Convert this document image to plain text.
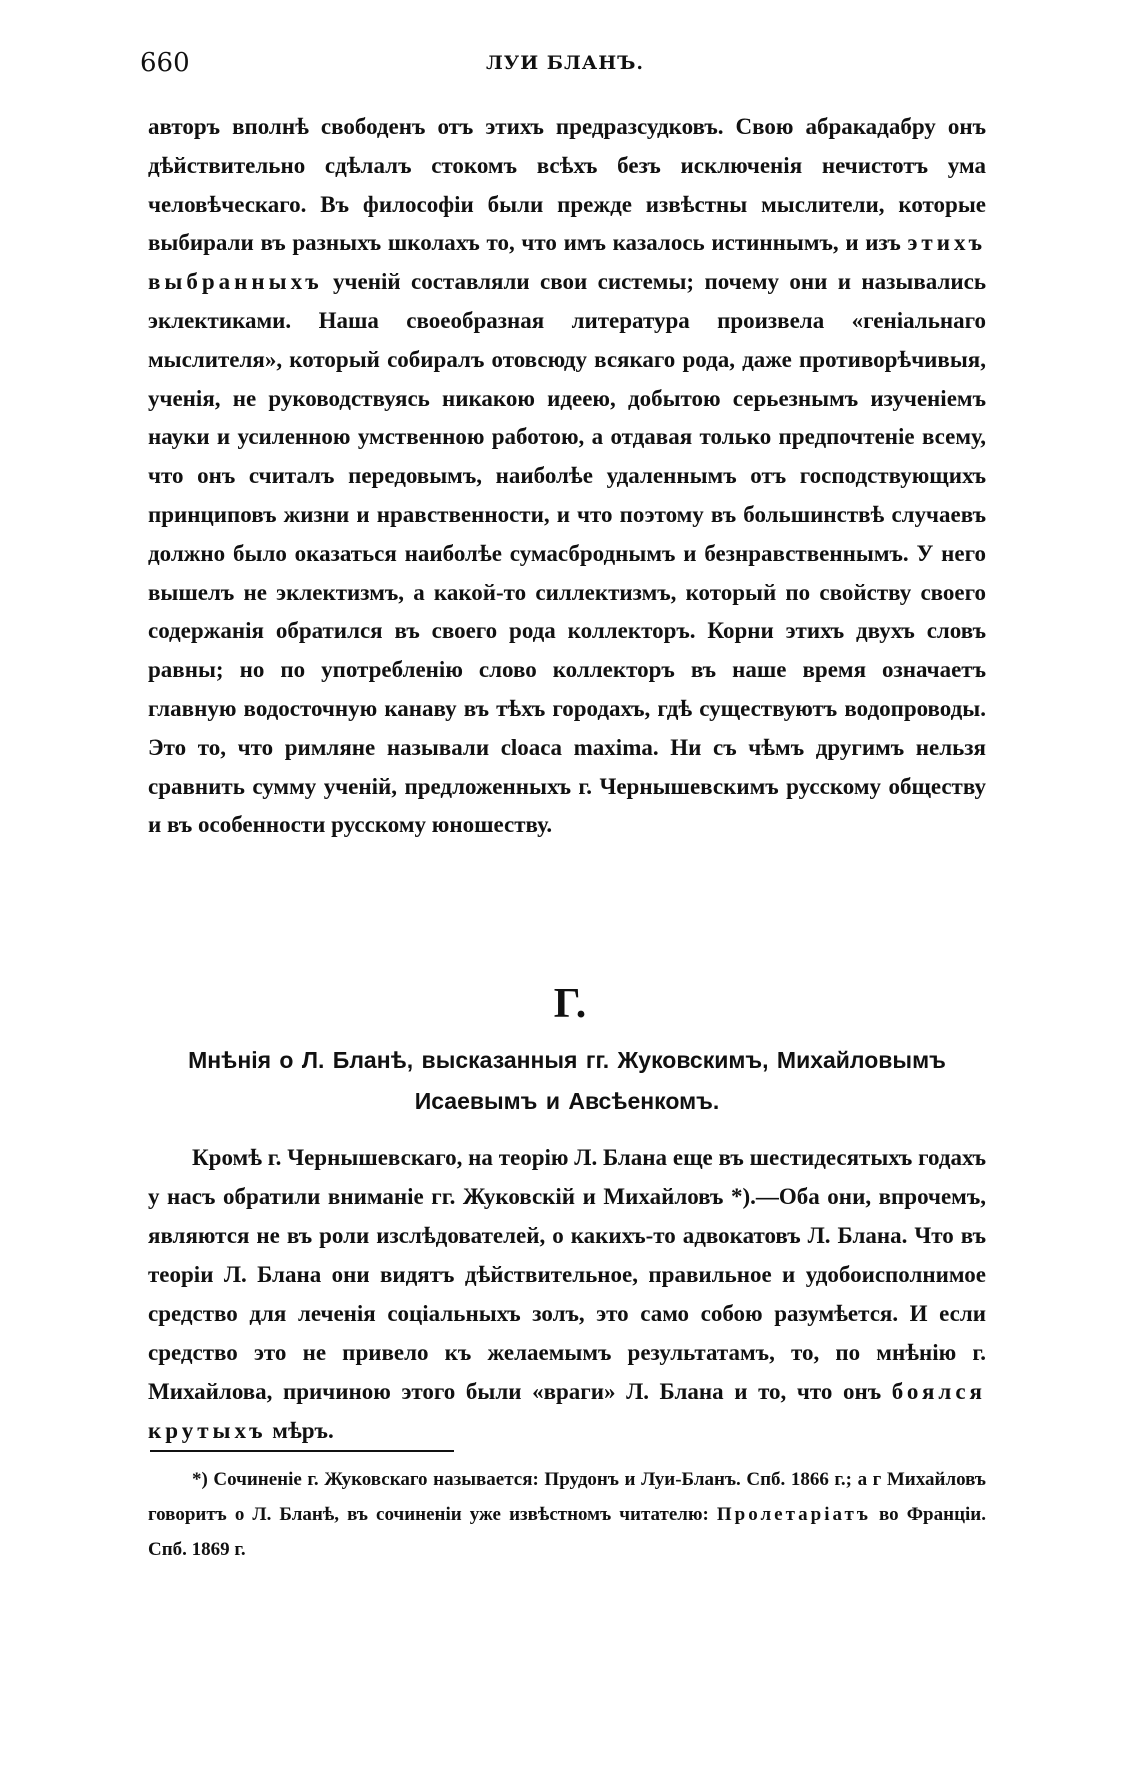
660	ЛУИ БЛАНЪ.

авторъ вполнѣ свободенъ отъ этихъ предразсудковъ. Свою абракадабру онъ дѣйствительно сдѣлалъ стокомъ всѣхъ безъ исключенія нечистотъ ума человѣческаго. Въ философіи были прежде извѣстны мыслители, которые выбирали въ разныхъ школахъ то, что имъ казалось истиннымъ, и изъ этихъ выбранныхъ ученій составляли свои системы; почему они и назывались эклектиками. Наша своеобразная литература произвела «геніальнаго мыслителя», который собиралъ отовсюду всякаго рода, даже противорѣчивыя, ученія, не руководствуясь никакою идеею, добытою серьезнымъ изученіемъ науки и усиленною умственною работою, а отдавая только предпочтеніе всему, что онъ считалъ передовымъ, наиболѣе удаленнымъ отъ господствующихъ принциповъ жизни и нравственности, и что поэтому въ большинствѣ случаевъ должно было оказаться наиболѣе сумасброднымъ и безнравственнымъ. У него вышелъ не эклектизмъ, а какой-то силлектизмъ, который по свойству своего содержанія обратился въ своего рода коллекторъ. Корни этихъ двухъ словъ равны; но по употребленію слово коллекторъ въ наше время означаетъ главную водосточную канаву въ тѣхъ городахъ, гдѣ существуютъ водопроводы. Это то, что римляне называли cloaca maxima. Ни съ чѣмъ другимъ нельзя сравнить сумму ученій, предложенныхъ г. Чернышевскимъ русскому обществу и въ особенности русскому юношеству.

Г.
Мнѣнія о Л. Бланѣ, высказанныя гг. Жуковскимъ, Михайловымъ
Исаевымъ и Авсѣенкомъ.

Кромѣ г. Чернышевскаго, на теорію Л. Блана еще въ шестидесятыхъ годахъ у насъ обратили вниманіе гг. Жуковскій и Михайловъ *).—Оба они, впрочемъ, являются не въ роли изслѣдователей, о какихъ-то адвокатовъ Л. Блана. Что въ теоріи Л. Блана они видятъ дѣйствительное, правильное и удобоисполнимое средство для леченія соціальныхъ золъ, это само собою разумѣется. И если средство это не привело къ желаемымъ результатамъ, то, по мнѣнію г. Михайлова, причиною этого были «враги» Л. Блана и то, что онъ боялся крутыхъ мѣръ.

*) Сочиненіе г. Жуковскаго называется: Прудонъ и Луи-Бланъ. Спб. 1866 г.; а г Михайловъ говоритъ о Л. Бланѣ, въ сочиненіи уже извѣстномъ читателю: Пролетаріатъ во Франціи. Спб. 1869 г.
